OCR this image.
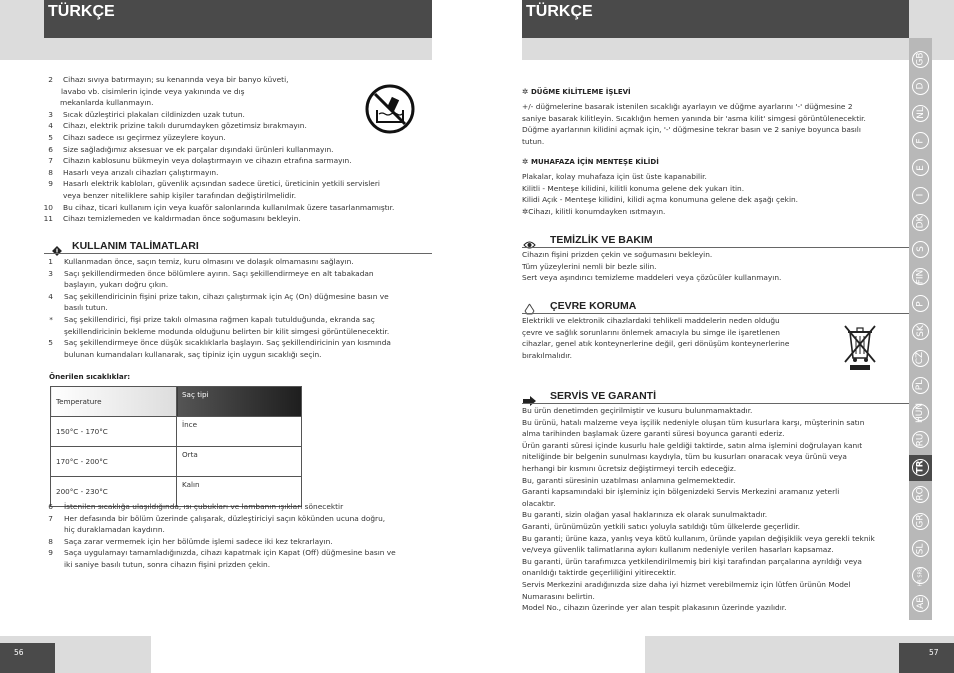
TÜRKÇE
2 Cihazı sıvıya batırmayın; su kenarında veya bir banyo küveti,
lavabo vb. cisimlerin içinde veya yakınında ve dış
mekanlarda kullanmayın.
3 Sıcak düzleştirici plakaları cildinizden uzak tutun.
4 Cihazı, elektrik prizine takılı durumdayken gözetimsiz bırakmayın.
5 Cihazı sadece ısı geçirmez yüzeylere koyun.
6 Size sağladığımız aksesuar ve ek parçalar dışındaki ürünleri kullanmayın.
7 Cihazın kablosunu bükmeyin veya dolaştırmayın ve cihazın etrafına sarmayın.
8 Hasarlı veya arızalı cihazları çalıştırmayın.
9 Hasarlı elektrik kabloları, güvenlik açısından sadece üretici, üreticinin yetkili servisleri
veya benzer niteliklere sahip kişiler tarafından değiştirilmelidir.
10 Bu cihaz, ticari kullanım için veya kuaför salonlarında kullanılmak üzere tasarlanmamıştır.
11 Cihazı temizlemeden ve kaldırmadan önce soğumasını bekleyin.
KULLANIM TALİMATLARI
1 Kullanmadan önce, saçın temiz, kuru olmasını ve dolaşık olmamasını sağlayın.
3 Saçı şekillendirmeden önce bölümlere ayırın. Saçı şekillendirmeye en alt tabakadan
başlayın, yukarı doğru çıkın.
4 Saç şekillendiricinin fişini prize takın, cihazı çalıştırmak için Aç (On) düğmesine basın ve
basılı tutun.
* Saç şekillendirici, fişi prize takılı olmasına rağmen kapalı tutulduğunda, ekranda saç
şekillendiricinin bekleme modunda olduğunu belirten bir kilit simgesi görüntülenecektir.
5 Saç şekillendirmeye önce düşük sıcaklıklarla başlayın. Saç şekillendiricinin yan kısmında
bulunan kumandaları kullanarak, saç tipiniz için uygun sıcaklığı seçin.
Önerilen sıcaklıklar:
Temperature	Saç tipi
150°C - 170°C	İnce
170°C - 200°C	Orta
200°C - 230°C	Kalın
6 İstenilen sıcaklığa ulaşıldığında, ısı çubukları ve lambanın ışıkları sönecektir
7 Her defasında bir bölüm üzerinde çalışarak, düzleştiriciyi saçın kökünden ucuna doğru,
hiç duraklamadan kaydırın.
8 Saça zarar vermemek için her bölümde işlemi sadece iki kez tekrarlayın.
9 Saça uygulamayı tamamladığınızda, cihazı kapatmak için Kapat (Off) düğmesine basın ve
iki saniye basılı tutun, sonra cihazın fişini prizden çekin.
56
TÜRKÇE
✲ DÜĞME KİLİTLEME İŞLEVİ
+/- düğmelerine basarak istenilen sıcaklığı ayarlayın ve düğme ayarlarını '-' düğmesine 2
saniye basarak kilitleyin. Sıcaklığın hemen yanında bir 'asma kilit' simgesi görüntülenecektir.
Düğme ayarlarının kilidini açmak için, '-' düğmesine tekrar basın ve 2 saniye boyunca basılı
tutun.
✲ MUHAFAZA İÇİN MENTEŞE KİLİDİ
Plakalar, kolay muhafaza için üst üste kapanabilir.
Kilitli - Menteşe kilidini, kilitli konuma gelene dek yukarı itin.
Kilidi Açık - Menteşe kilidini, kilidi açma konumuna gelene dek aşağı çekin.
✲Cihazı, kilitli konumdayken ısıtmayın.
TEMİZLİK VE BAKIM
Cihazın fişini prizden çekin ve soğumasını bekleyin.
Tüm yüzeylerini nemli bir bezle silin.
Sert veya aşındırıcı temizleme maddeleri veya çözücüler kullanmayın.
ÇEVRE KORUMA
Elektrikli ve elektronik cihazlardaki tehlikeli maddelerin neden olduğu
çevre ve sağlık sorunlarını önlemek amacıyla bu simge ile işaretlenen
cihazlar, genel atık konteynerlerine değil, geri dönüşüm konteynerlerine
bırakılmalıdır.
SERVİS VE GARANTİ
Bu ürün denetimden geçirilmiştir ve kusuru bulunmamaktadır.
Bu ürünü, hatalı malzeme veya işçilik nedeniyle oluşan tüm kusurlara karşı, müşterinin satın
alma tarihinden başlamak üzere garanti süresi boyunca garanti ederiz.
Ürün garanti süresi içinde kusurlu hale geldiği taktirde, satın alma işlemini doğrulayan kanıt
niteliğinde bir belgenin sunulması kaydıyla, tüm bu kusurları onaracak veya ürünü veya
herhangi bir kısmını ücretsiz değiştirmeyi tercih edeceğiz.
Bu, garanti süresinin uzatılması anlamına gelmemektedir.
Garanti kapsamındaki bir işleminiz için bölgenizdeki Servis Merkezini aramanız yeterli
olacaktır.
Bu garanti, sizin olağan yasal haklarınıza ek olarak sunulmaktadır.
Garanti, ürünümüzün yetkili satıcı yoluyla satıldığı tüm ülkelerde geçerlidir.
Bu garanti; ürüne kaza, yanlış veya kötü kullanım, üründe yapılan değişiklik veya gerekli teknik
ve/veya güvenlik talimatlarına aykırı kullanım nedeniyle verilen hasarları kapsamaz.
Bu garanti, ürün tarafımızca yetkilendirilmemiş biri kişi tarafından parçalarına ayrıldığı veya
onarıldığı taktirde geçerliliğini yitirecektir.
Servis Merkezini aradığınızda size daha iyi hizmet verebilmemiz için lütfen ürünün Model
Numarasını belirtin.
Model No., cihazın üzerinde yer alan tespit plakasının üzerinde yazılıdır.
GB
D
NL
F
E
I
DK
S
FIN
P
SK
CZ
PL
HUN
RU
TR
RO
GR
SL
HR SRB
AE
57
